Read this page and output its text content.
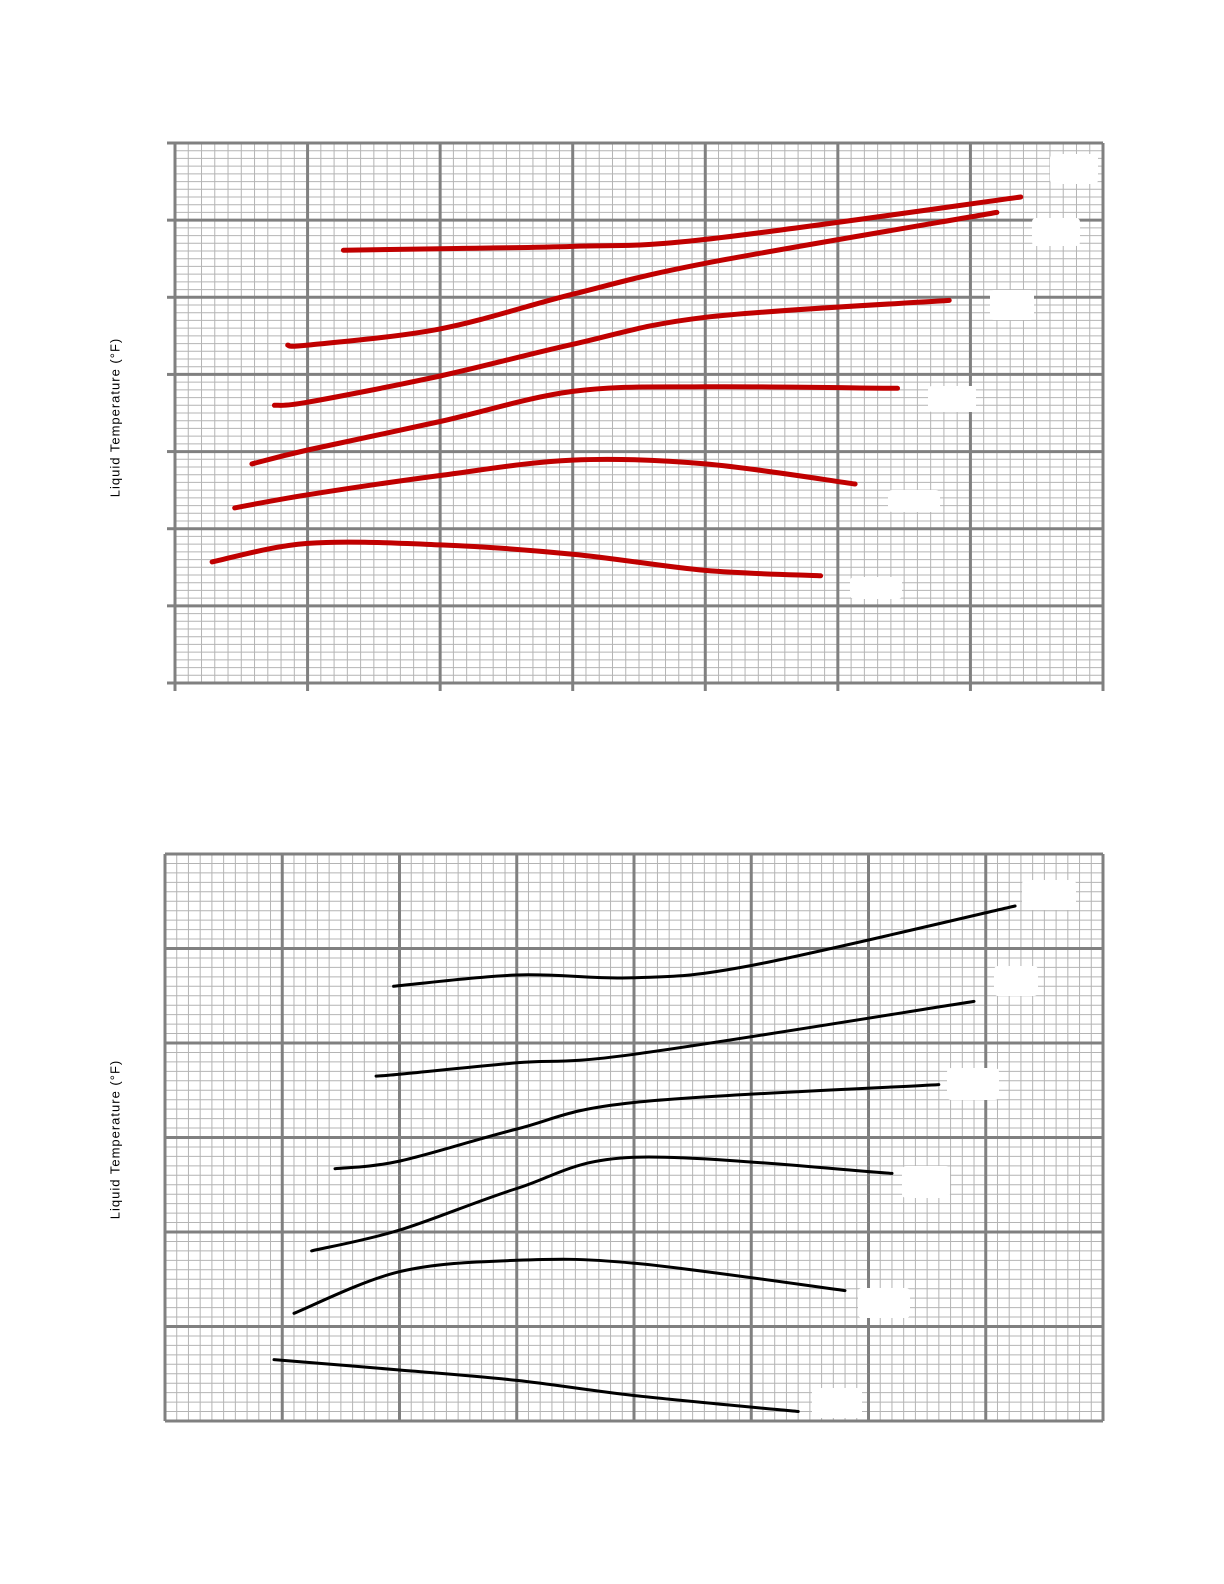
Liquid Temperature (°F)
Liquid Temperature (°F)
